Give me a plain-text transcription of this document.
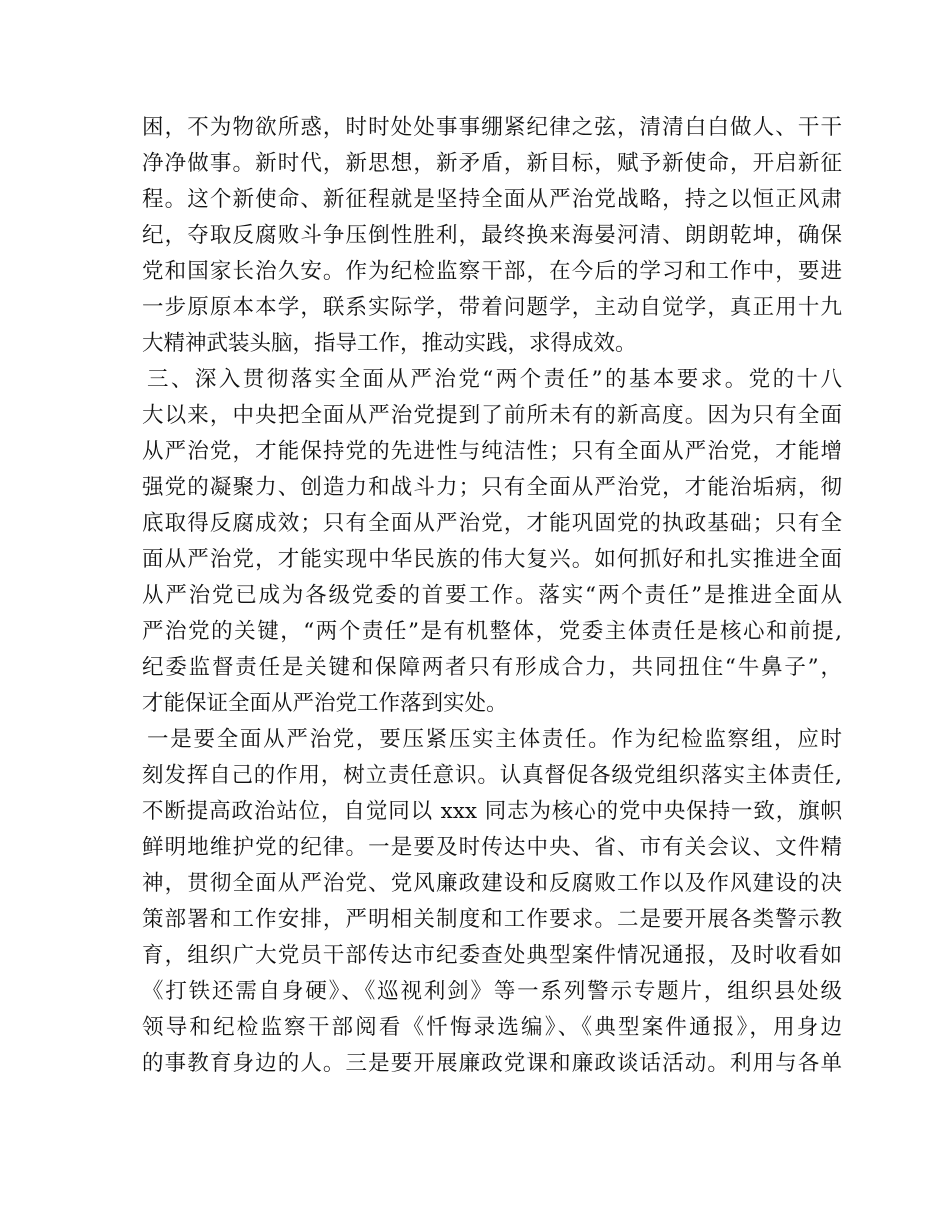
困，不为物欲所惑，时时处处事事绷紧纪律之弦，清清白白做人、干干
净净做事。新时代，新思想，新矛盾，新目标，赋予新使命，开启新征
程。这个新使命、新征程就是坚持全面从严治党战略，持之以恒正风肃
纪，夺取反腐败斗争压倒性胜利，最终换来海晏河清、朗朗乾坤，确保
党和国家长治久安。作为纪检监察干部，在今后的学习和工作中，要进
一步原原本本学，联系实际学，带着问题学，主动自觉学，真正用十九
大精神武装头脑，指导工作，推动实践，求得成效。
三、深入贯彻落实全面从严治党“两个责任”的基本要求。党的十八
大以来，中央把全面从严治党提到了前所未有的新高度。因为只有全面
从严治党，才能保持党的先进性与纯洁性；只有全面从严治党，才能增
强党的凝聚力、创造力和战斗力；只有全面从严治党，才能治垢病，彻
底取得反腐成效；只有全面从严治党，才能巩固党的执政基础；只有全
面从严治党，才能实现中华民族的伟大复兴。如何抓好和扎实推进全面
从严治党已成为各级党委的首要工作。落实“两个责任”是推进全面从
严治党的关键，“两个责任”是有机整体，党委主体责任是核心和前提,
纪委监督责任是关键和保障两者只有形成合力，共同扭住“牛鼻子”，
才能保证全面从严治党工作落到实处。
一是要全面从严治党，要压紧压实主体责任。作为纪检监察组，应时
刻发挥自己的作用，树立责任意识。认真督促各级党组织落实主体责任,
不断提高政治站位，自觉同以 xxx 同志为核心的党中央保持一致，旗帜
鲜明地维护党的纪律。一是要及时传达中央、省、市有关会议、文件精
神，贯彻全面从严治党、党风廉政建设和反腐败工作以及作风建设的决
策部署和工作安排，严明相关制度和工作要求。二是要开展各类警示教
育，组织广大党员干部传达市纪委查处典型案件情况通报，及时收看如
《打铁还需自身硬》、《巡视利剑》等一系列警示专题片，组织县处级
领导和纪检监察干部阅看《忏悔录选编》、《典型案件通报》，用身边
的事教育身边的人。三是要开展廉政党课和廉政谈话活动。利用与各单
